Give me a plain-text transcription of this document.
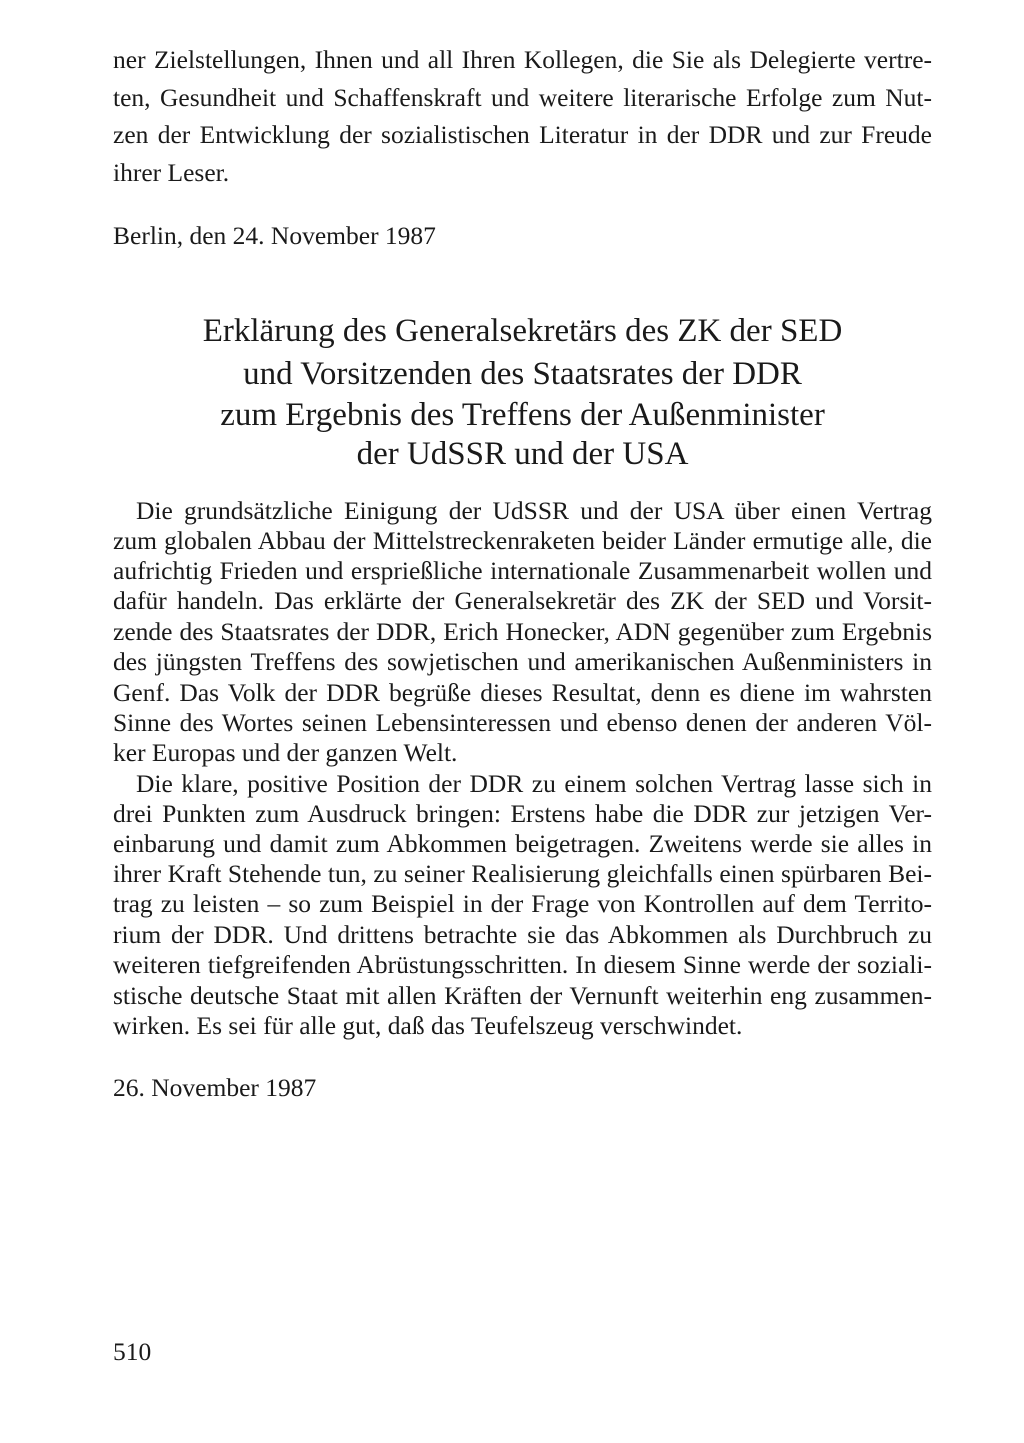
ner Zielstellungen, Ihnen und all Ihren Kollegen, die Sie als Delegierte vertre-
ten, Gesundheit und Schaffenskraft und weitere literarische Erfolge zum Nut-
zen der Entwicklung der sozialistischen Literatur in der DDR und zur Freude
ihrer Leser.
Berlin, den 24. November 1987
Erklärung des Generalsekretärs des ZK der SED
und Vorsitzenden des Staatsrates der DDR
zum Ergebnis des Treffens der Außenminister
der UdSSR und der USA
Die grundsätzliche Einigung der UdSSR und der USA über einen Vertrag
zum globalen Abbau der Mittelstreckenraketen beider Länder ermutige alle, die
aufrichtig Frieden und ersprießliche internationale Zusammenarbeit wollen und
dafür handeln. Das erklärte der Generalsekretär des ZK der SED und Vorsit-
zende des Staatsrates der DDR, Erich Honecker, ADN gegenüber zum Ergebnis
des jüngsten Treffens des sowjetischen und amerikanischen Außenministers in
Genf. Das Volk der DDR begrüße dieses Resultat, denn es diene im wahrsten
Sinne des Wortes seinen Lebensinteressen und ebenso denen der anderen Völ-
ker Europas und der ganzen Welt.
Die klare, positive Position der DDR zu einem solchen Vertrag lasse sich in
drei Punkten zum Ausdruck bringen: Erstens habe die DDR zur jetzigen Ver-
einbarung und damit zum Abkommen beigetragen. Zweitens werde sie alles in
ihrer Kraft Stehende tun, zu seiner Realisierung gleichfalls einen spürbaren Bei-
trag zu leisten – so zum Beispiel in der Frage von Kontrollen auf dem Territo-
rium der DDR. Und drittens betrachte sie das Abkommen als Durchbruch zu
weiteren tiefgreifenden Abrüstungsschritten. In diesem Sinne werde der soziali-
stische deutsche Staat mit allen Kräften der Vernunft weiterhin eng zusammen-
wirken. Es sei für alle gut, daß das Teufelszeug verschwindet.
26. November 1987
510
